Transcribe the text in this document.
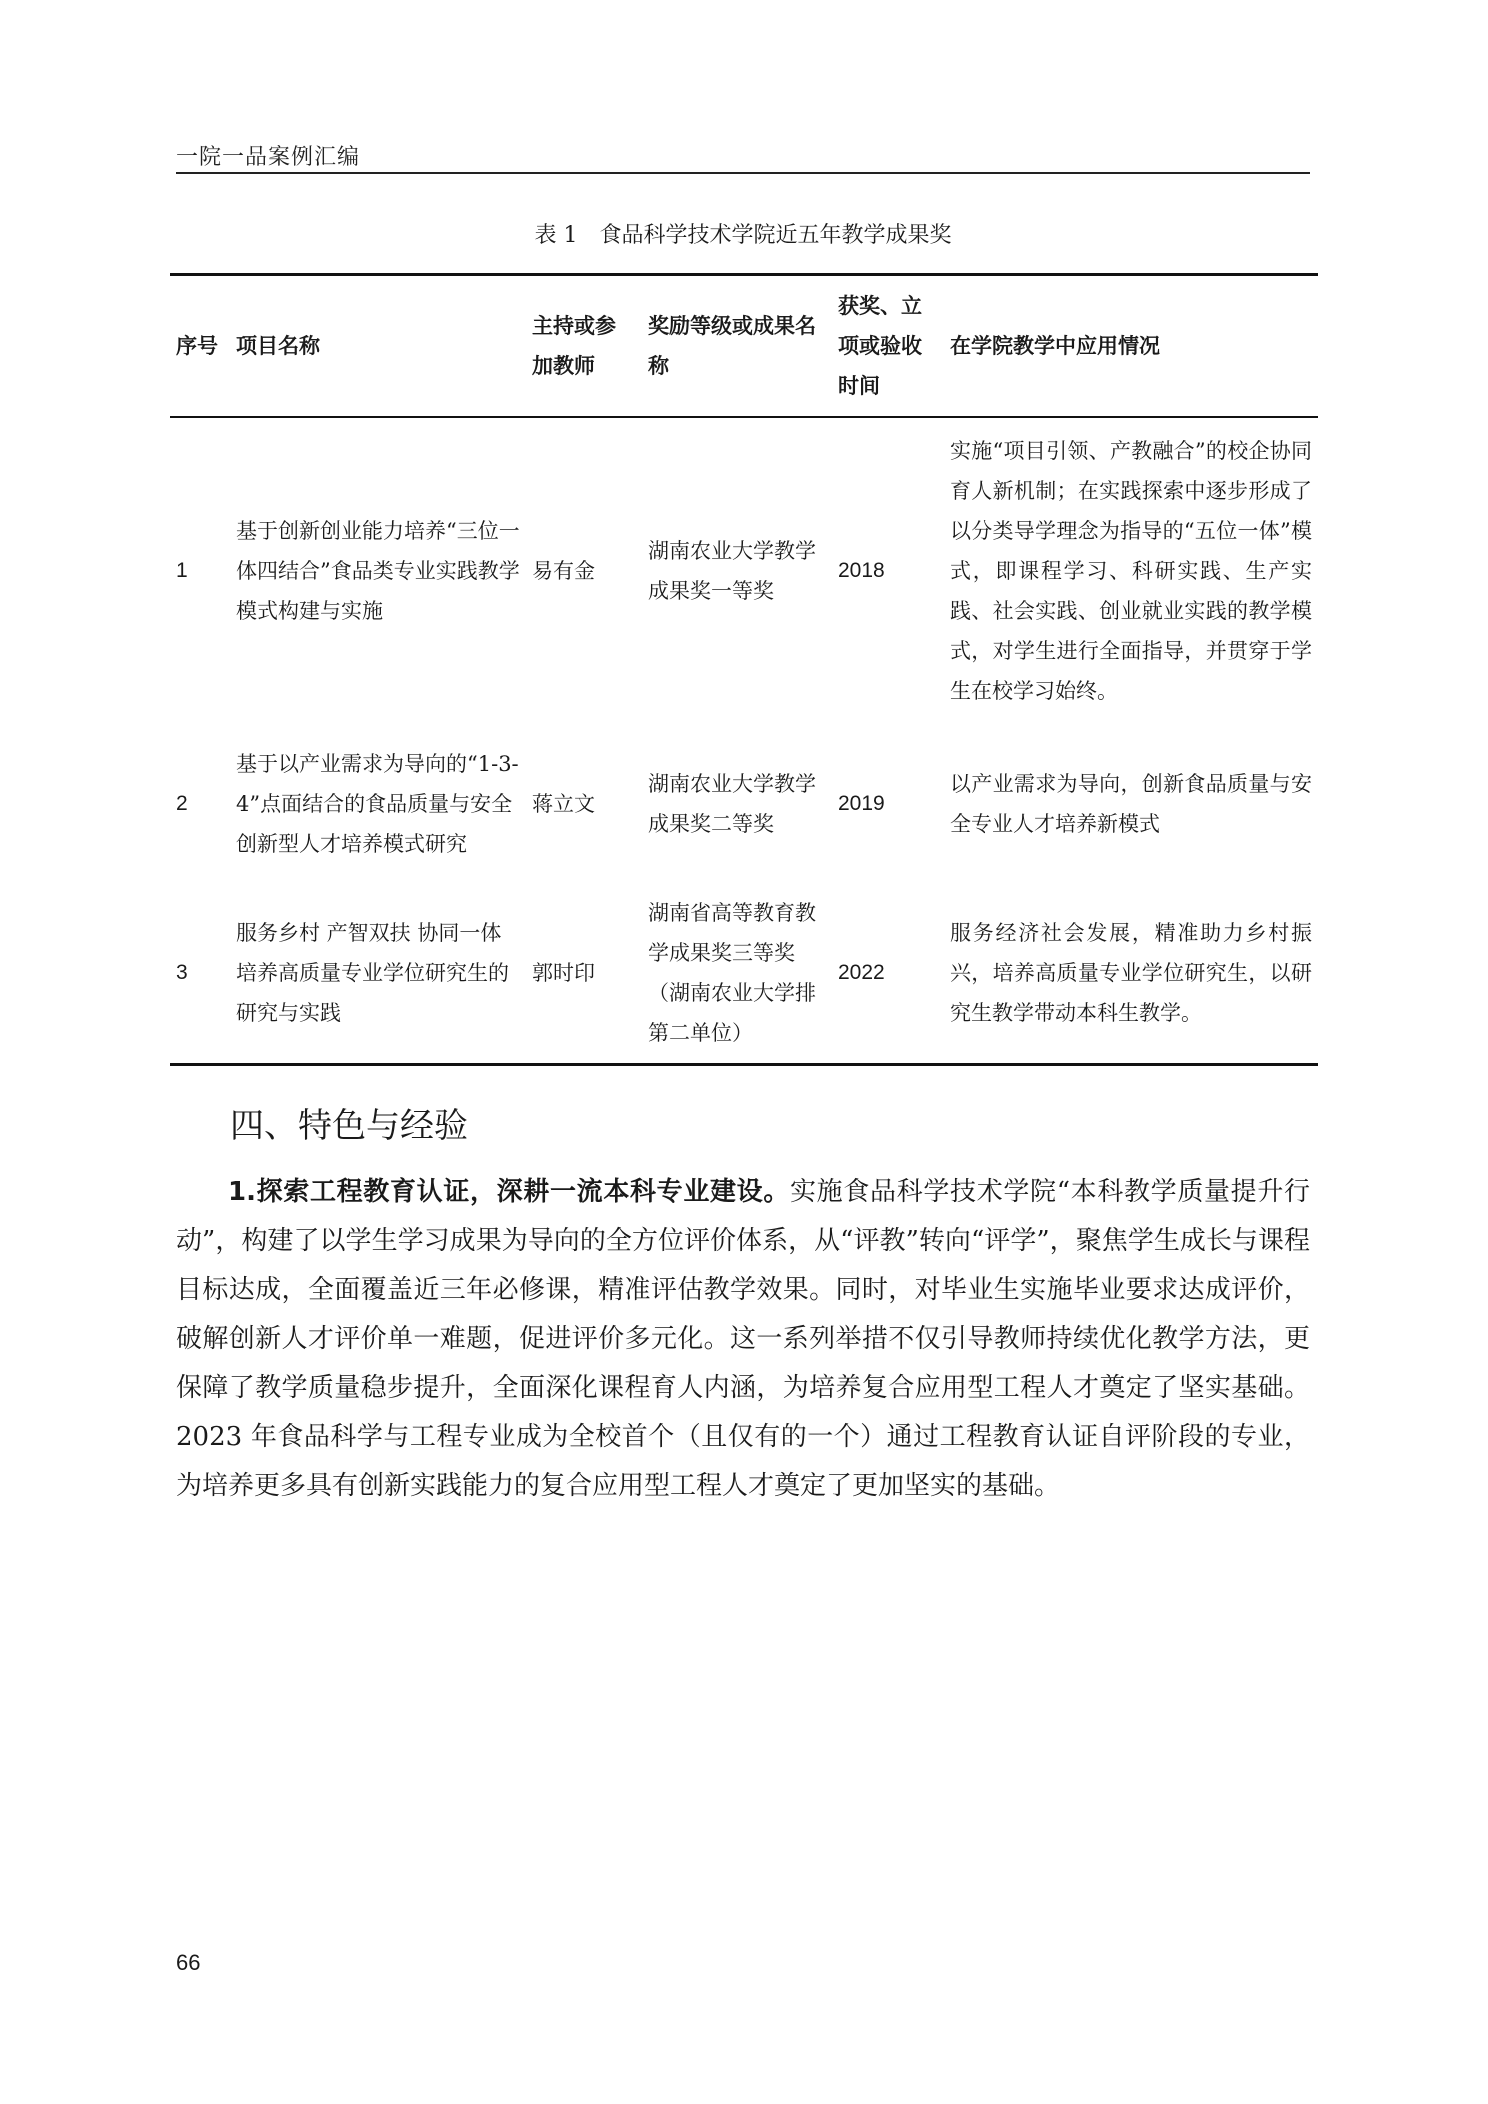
一院一品案例汇编
表 1　食品科学技术学院近五年教学成果奖
序号	项目名称	主持或参加教师	奖励等级或成果名称	获奖、立项或验收时间	在学院教学中应用情况
1	基于创新创业能力培养“三位一体四结合”食品类专业实践教学模式构建与实施	易有金	湖南农业大学教学成果奖一等奖	2018	实施“项目引领、产教融合”的校企协同育人新机制；在实践探索中逐步形成了以分类导学理念为指导的“五位一体”模式，即课程学习、科研实践、生产实践、社会实践、创业就业实践的教学模式，对学生进行全面指导，并贯穿于学生在校学习始终。
2	基于以产业需求为导向的“1-3-4”点面结合的食品质量与安全创新型人才培养模式研究	蒋立文	湖南农业大学教学成果奖二等奖	2019	以产业需求为导向，创新食品质量与安全专业人才培养新模式
3	服务乡村 产智双扶 协同一体培养高质量专业学位研究生的研究与实践	郭时印	湖南省高等教育教学成果奖三等奖（湖南农业大学排第二单位）	2022	服务经济社会发展，精准助力乡村振兴，培养高质量专业学位研究生，以研究生教学带动本科生教学。
四、特色与经验

1.探索工程教育认证，深耕一流本科专业建设。实施食品科学技术学院“本科教学质量提升行动”，构建了以学生学习成果为导向的全方位评价体系，从“评教”转向“评学”，聚焦学生成长与课程目标达成，全面覆盖近三年必修课，精准评估教学效果。同时，对毕业生实施毕业要求达成评价，破解创新人才评价单一难题，促进评价多元化。这一系列举措不仅引导教师持续优化教学方法，更保障了教学质量稳步提升，全面深化课程育人内涵，为培养复合应用型工程人才奠定了坚实基础。2023 年食品科学与工程专业成为全校首个（且仅有的一个）通过工程教育认证自评阶段的专业，为培养更多具有创新实践能力的复合应用型工程人才奠定了更加坚实的基础。

66
